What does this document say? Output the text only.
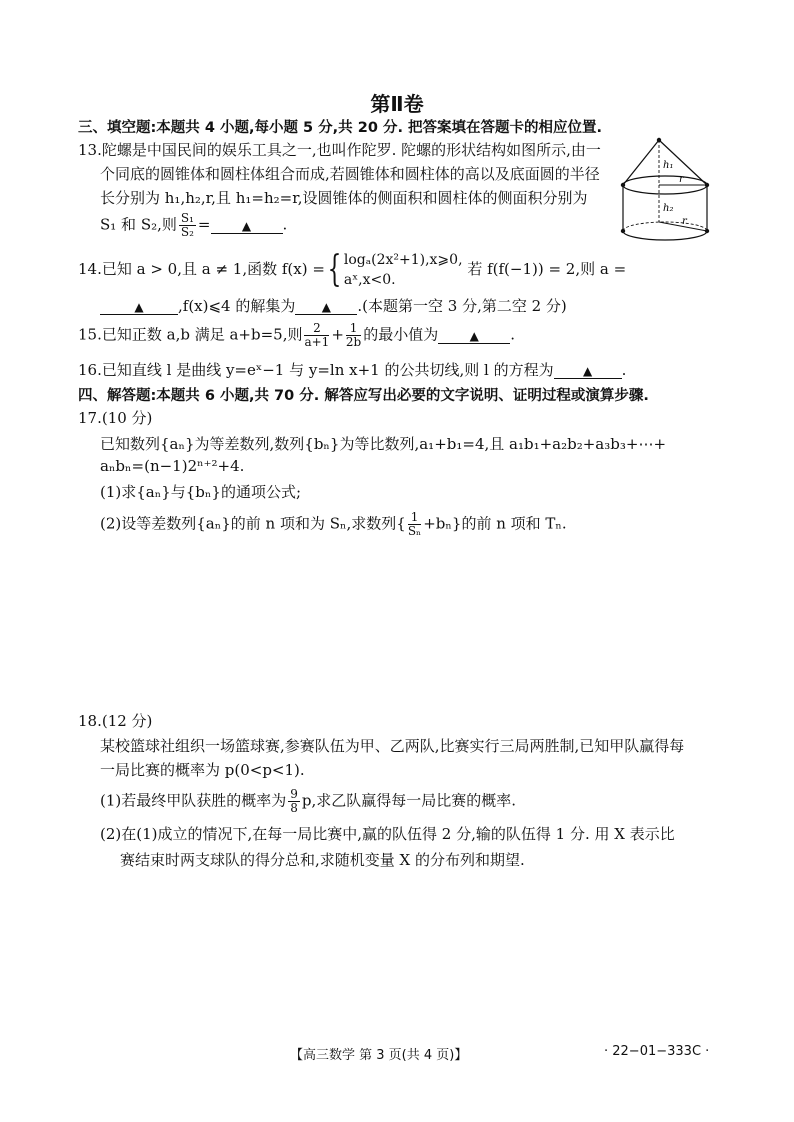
第Ⅱ卷
三、填空题:本题共 4 小题,每小题 5 分,共 20 分. 把答案填在答题卡的相应位置.
13.陀螺是中国民间的娱乐工具之一,也叫作陀罗. 陀螺的形状结构如图所示,由一
个同底的圆锥体和圆柱体组合而成,若圆锥体和圆柱体的高以及底面圆的半径
长分别为 h₁,h₂,r,且 h₁=h₂=r,设圆锥体的侧面积和圆柱体的侧面积分别为
S₁ 和 S₂,则 $\frac{\text{S₁}}{\text{S₂}}$ =	▲ .
h₁
r
h₂
r
14.已知 a > 0,且 a ≠ 1,函数 f(x) ={ logₐ(2x²+1),x⩾0,
aˣ,x<0.
若 f(f(−1)) = 2,则 a =
▲ ,f(x)⩽4 的解集为 ▲ .(本题第一空 3 分,第二空 2 分)
15.已知正数 a,b 满足 a+b=5,则 $\frac{2}{a+1} + \frac{1}{2b}$ 的最小值为	▲ .
16.已知直线 l 是曲线 y=eˣ−1 与 y=ln x+1 的公共切线,则 l 的方程为 ▲ .
四、解答题:本题共 6 小题,共 70 分. 解答应写出必要的文字说明、证明过程或演算步骤.
17.(10 分)
已知数列{aₙ}为等差数列,数列{bₙ}为等比数列,a₁+b₁=4,且 a₁b₁+a₂b₂+a₃b₃+⋯+
aₙbₙ=(n−1)2ⁿ⁺²+4.
(1)求{aₙ}与{bₙ}的通项公式;
(2)设等差数列{aₙ}的前 n 项和为 Sₙ,求数列{ $\frac{1}{\text{Sₙ}} +b_n$}的前 n 项和 Tₙ.
18.(12 分)
某校篮球社组织一场篮球赛,参赛队伍为甲、乙两队,比赛实行三局两胜制,已知甲队赢得每
一局比赛的概率为 p(0<p<1).
(1)若最终甲队获胜的概率为 $\frac{9}{8} p$,求乙队赢得每一局比赛的概率.
(2)在(1)成立的情况下,在每一局比赛中,赢的队伍得 2 分,输的队伍得 1 分. 用 X 表示比
赛结束时两支球队的得分总和,求随机变量 X 的分布列和期望.
【高三数学 第 3 页(共 4 页)】	· 22−01−333C ·
